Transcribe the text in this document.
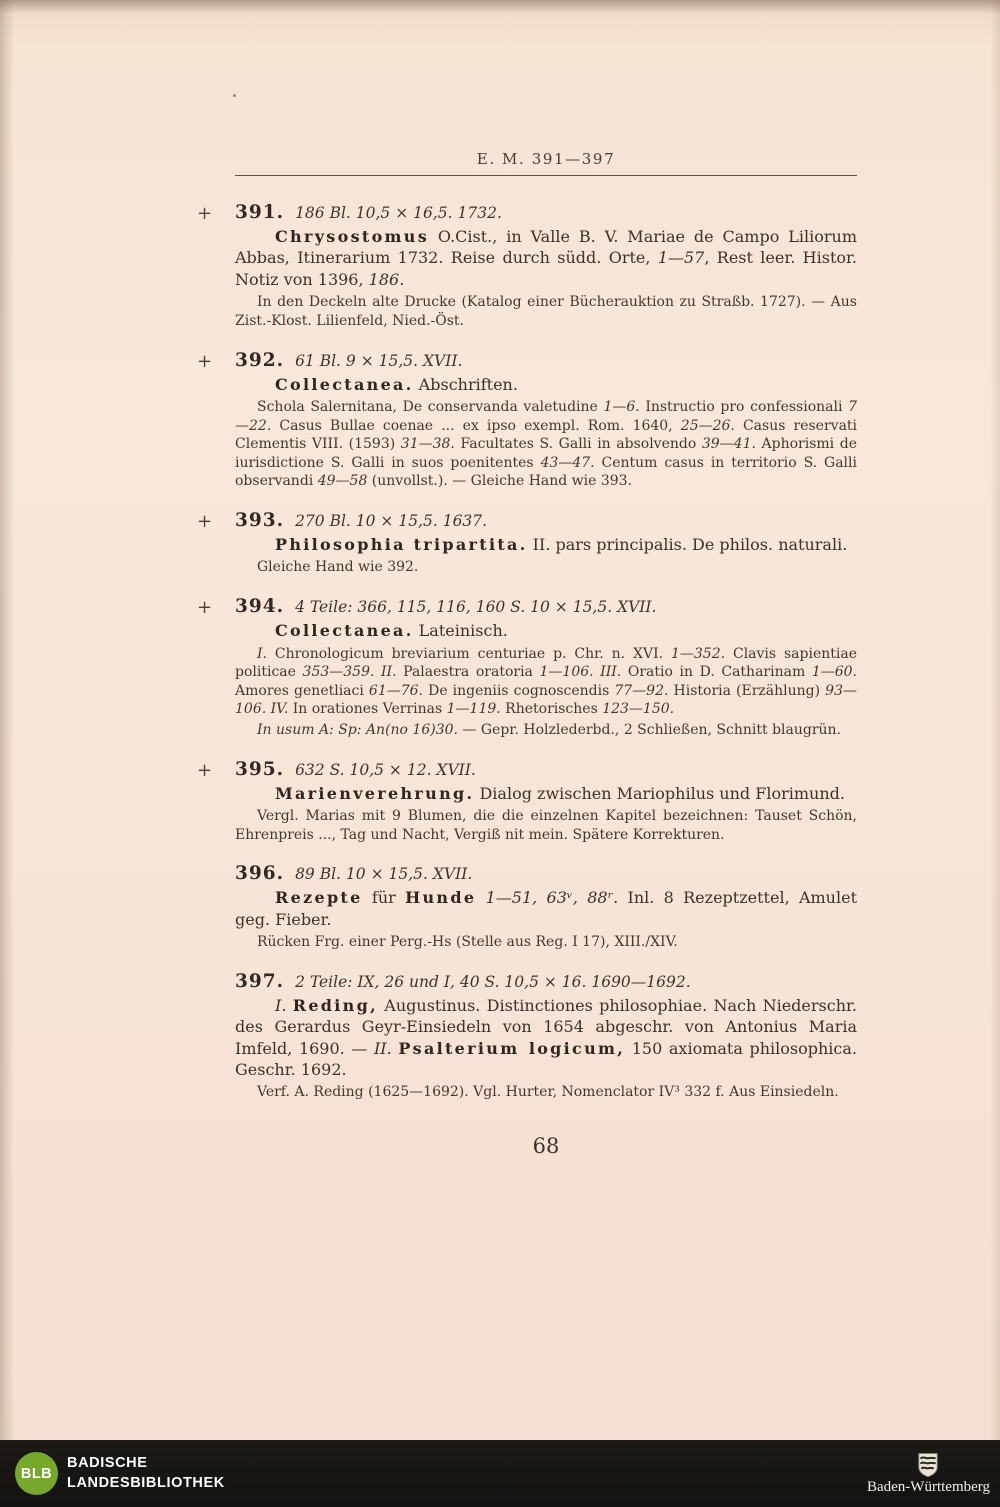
E. M. 391—397
+ 391. 186 Bl. 10,5 × 16,5. 1732.

Chrysostomus O.Cist., in Valle B. V. Mariae de Campo Liliorum Abbas, Itinerarium 1732. Reise durch südd. Orte, 1—57, Rest leer. Histor. Notiz von 1396, 186.

In den Deckeln alte Drucke (Katalog einer Bücherauktion zu Straßb. 1727). — Aus Zist.-Klost. Lilienfeld, Nied.-Öst.

+ 392. 61 Bl. 9 × 15,5. XVII.

Collectanea. Abschriften.

Schola Salernitana, De conservanda valetudine 1—6. Instructio pro confessionali 7—22. Casus Bullae coenae ... ex ipso exempl. Rom. 1640, 25—26. Casus reservati Clementis VIII. (1593) 31—38. Facultates S. Galli in absolvendo 39—41. Aphorismi de iurisdictione S. Galli in suos poenitentes 43—47. Centum casus in territorio S. Galli observandi 49—58 (unvollst.). — Gleiche Hand wie 393.

+ 393. 270 Bl. 10 × 15,5. 1637.

Philosophia tripartita. II. pars principalis. De philos. naturali.

Gleiche Hand wie 392.

+ 394. 4 Teile: 366, 115, 116, 160 S. 10 × 15,5. XVII.

Collectanea. Lateinisch.

I. Chronologicum breviarium centuriae p. Chr. n. XVI. 1—352. Clavis sapientiae politicae 353—359. II. Palaestra oratoria 1—106. III. Oratio in D. Catharinam 1—60. Amores genetliaci 61—76. De ingeniis cognoscendis 77—92. Historia (Erzählung) 93—106. IV. In orationes Verrinas 1—119. Rhetorisches 123—150.

In usum A: Sp: An(no 16)30. — Gepr. Holzlederbd., 2 Schließen, Schnitt blaugrün.

+ 395. 632 S. 10,5 × 12. XVII.

Marienverehrung. Dialog zwischen Mariophilus und Florimund.

Vergl. Marias mit 9 Blumen, die die einzelnen Kapitel bezeichnen: Tauset Schön, Ehrenpreis ..., Tag und Nacht, Vergiß nit mein. Spätere Korrekturen.

396. 89 Bl. 10 × 15,5. XVII.

Rezepte für Hunde 1—51, 63ᵛ, 88ʳ. Inl. 8 Rezeptzettel, Amulet geg. Fieber.

Rücken Frg. einer Perg.-Hs (Stelle aus Reg. I 17), XIII./XIV.

397. 2 Teile: IX, 26 und I, 40 S. 10,5 × 16. 1690—1692.

I. Reding, Augustinus. Distinctiones philosophiae. Nach Niederschr. des Gerardus Geyr-Einsiedeln von 1654 abgeschr. von Antonius Maria Imfeld, 1690. — II. Psalterium logicum, 150 axiomata philosophica. Geschr. 1692.

Verf. A. Reding (1625—1692). Vgl. Hurter, Nomenclator IV³ 332 f. Aus Einsiedeln.

68
BLB
BADISCHE
LANDESBIBLIOTHEK	Baden-Württemberg
